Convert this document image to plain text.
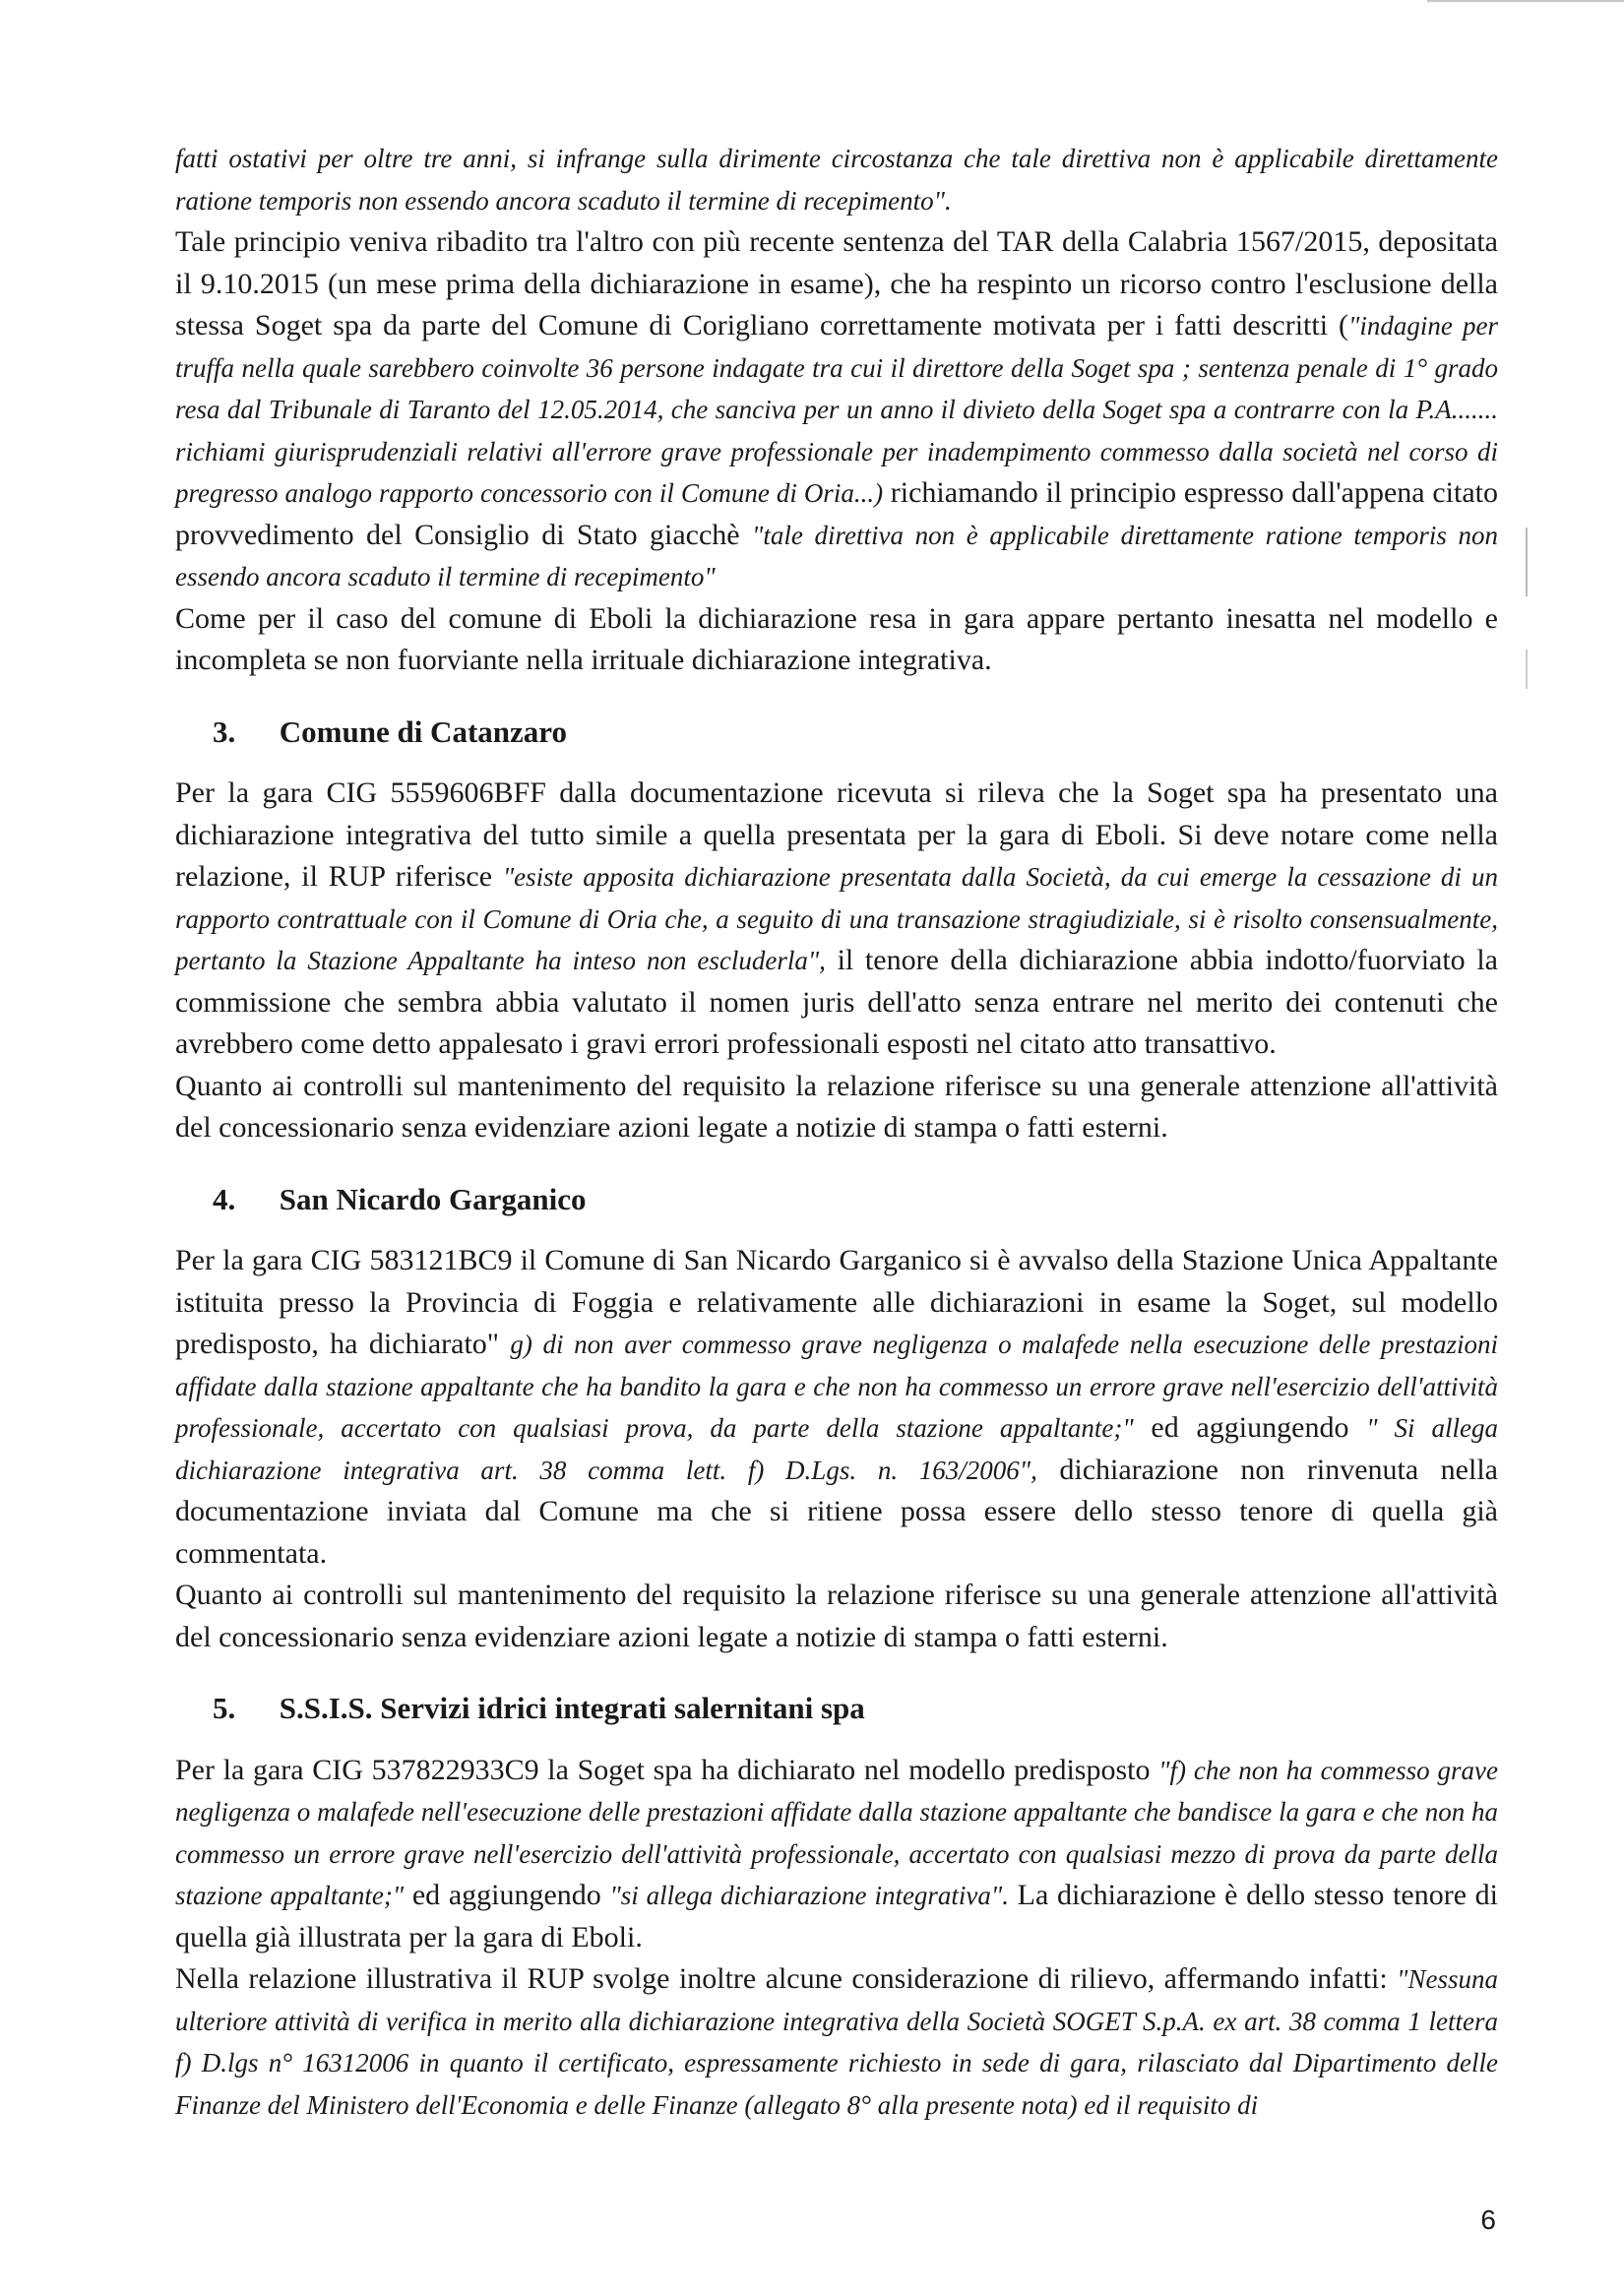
fatti ostativi per oltre tre anni, si infrange sulla dirimente circostanza che tale direttiva non è applicabile direttamente ratione temporis non essendo ancora scaduto il termine di recepimento".

Tale principio veniva ribadito tra l'altro con più recente sentenza del TAR della Calabria 1567/2015, depositata il 9.10.2015 (un mese prima della dichiarazione in esame), che ha respinto un ricorso contro l'esclusione della stessa Soget spa da parte del Comune di Corigliano correttamente motivata per i fatti descritti ("indagine per truffa nella quale sarebbero coinvolte 36 persone indagate tra cui il direttore della Soget spa ; sentenza penale di 1° grado resa dal Tribunale di Taranto del 12.05.2014, che sanciva per un anno il divieto della Soget spa a contrarre con la P.A....... richiami giurisprudenziali relativi all'errore grave professionale per inadempimento commesso dalla società nel corso di pregresso analogo rapporto concessorio con il Comune di Oria...) richiamando il principio espresso dall'appena citato provvedimento del Consiglio di Stato giacchè "tale direttiva non è applicabile direttamente ratione temporis non essendo ancora scaduto il termine di recepimento"

Come per il caso del comune di Eboli la dichiarazione resa in gara appare pertanto inesatta nel modello e incompleta se non fuorviante nella irrituale dichiarazione integrativa.

3. Comune di Catanzaro

Per la gara CIG 5559606BFF dalla documentazione ricevuta si rileva che la Soget spa ha presentato una dichiarazione integrativa del tutto simile a quella presentata per la gara di Eboli. Si deve notare come nella relazione, il RUP riferisce "esiste apposita dichiarazione presentata dalla Società, da cui emerge la cessazione di un rapporto contrattuale con il Comune di Oria che, a seguito di una transazione stragiudiziale, si è risolto consensualmente, pertanto la Stazione Appaltante ha inteso non escluderla", il tenore della dichiarazione abbia indotto/fuorviato la commissione che sembra abbia valutato il nomen juris dell'atto senza entrare nel merito dei contenuti che avrebbero come detto appalesato i gravi errori professionali esposti nel citato atto transattivo.

Quanto ai controlli sul mantenimento del requisito la relazione riferisce su una generale attenzione all'attività del concessionario senza evidenziare azioni legate a notizie di stampa o fatti esterni.

4. San Nicardo Garganico

Per la gara CIG 583121BC9 il Comune di San Nicardo Garganico si è avvalso della Stazione Unica Appaltante istituita presso la Provincia di Foggia e relativamente alle dichiarazioni in esame la Soget, sul modello predisposto, ha dichiarato" g) di non aver commesso grave negligenza o malafede nella esecuzione delle prestazioni affidate dalla stazione appaltante che ha bandito la gara e che non ha commesso un errore grave nell'esercizio dell'attività professionale, accertato con qualsiasi prova, da parte della stazione appaltante;" ed aggiungendo " Si allega dichiarazione integrativa art. 38 comma lett. f) D.Lgs. n. 163/2006", dichiarazione non rinvenuta nella documentazione inviata dal Comune ma che si ritiene possa essere dello stesso tenore di quella già commentata.

Quanto ai controlli sul mantenimento del requisito la relazione riferisce su una generale attenzione all'attività del concessionario senza evidenziare azioni legate a notizie di stampa o fatti esterni.

5. S.S.I.S. Servizi idrici integrati salernitani spa

Per la gara CIG 537822933C9 la Soget spa ha dichiarato nel modello predisposto "f) che non ha commesso grave negligenza o malafede nell'esecuzione delle prestazioni affidate dalla stazione appaltante che bandisce la gara e che non ha commesso un errore grave nell'esercizio dell'attività professionale, accertato con qualsiasi mezzo di prova da parte della stazione appaltante;" ed aggiungendo "si allega dichiarazione integrativa". La dichiarazione è dello stesso tenore di quella già illustrata per la gara di Eboli.

Nella relazione illustrativa il RUP svolge inoltre alcune considerazione di rilievo, affermando infatti: "Nessuna ulteriore attività di verifica in merito alla dichiarazione integrativa della Società SOGET S.p.A. ex art. 38 comma 1 lettera f) D.lgs n° 16312006 in quanto il certificato, espressamente richiesto in sede di gara, rilasciato dal Dipartimento delle Finanze del Ministero dell'Economia e delle Finanze (allegato 8° alla presente nota) ed il requisito di

6
